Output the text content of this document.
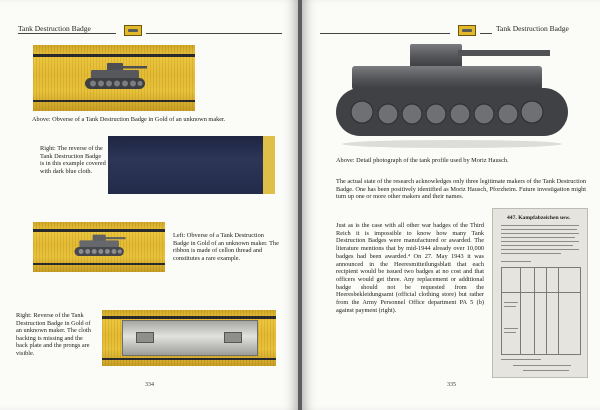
Tank Destruction Badge
Above: Obverse of a Tank Destruction Badge in Gold of an unknown maker.
Right: The reverse of the Tank Destruction Badge is in this example covered with dark blue cloth.
Left: Obverse of a Tank Destruction Badge in Gold of an unknown maker. The ribbon is made of cellon thread and constitutes a rare example.
Right: Reverse of the Tank Destruction Badge in Gold of an unknown maker. The cloth backing is missing and the back plate and the prongs are visible.
334
Tank Destruction Badge
Above: Detail photograph of the tank profile used by Moriz Hausch.
The actual state of the research acknowledges only three legitimate makers of the Tank Destruction Badge. One has been positively identified as Moriz Hausch, Pforzheim. Future investigation might turn up one or more other makers and their names.
Just as is the case with all other war badges of the Third Reich it is impossible to know how many Tank Destruction Badges were manufactured or awarded. The literature mentions that by mid-1944 already over 10,000 badges had been awarded.⁴ On 27. May 1943 it was announced in the Heeresmitteilungsblatt that each recipient would be issued two badges at no cost and that officers would get three. Any replacement or additional badge should not be requested from the Heeresbekleidungsamt (official clothing store) but rather from the Army Personnel Office department PA 5 (b) against payment (right).
447. Kampfabzeichen usw.
335
